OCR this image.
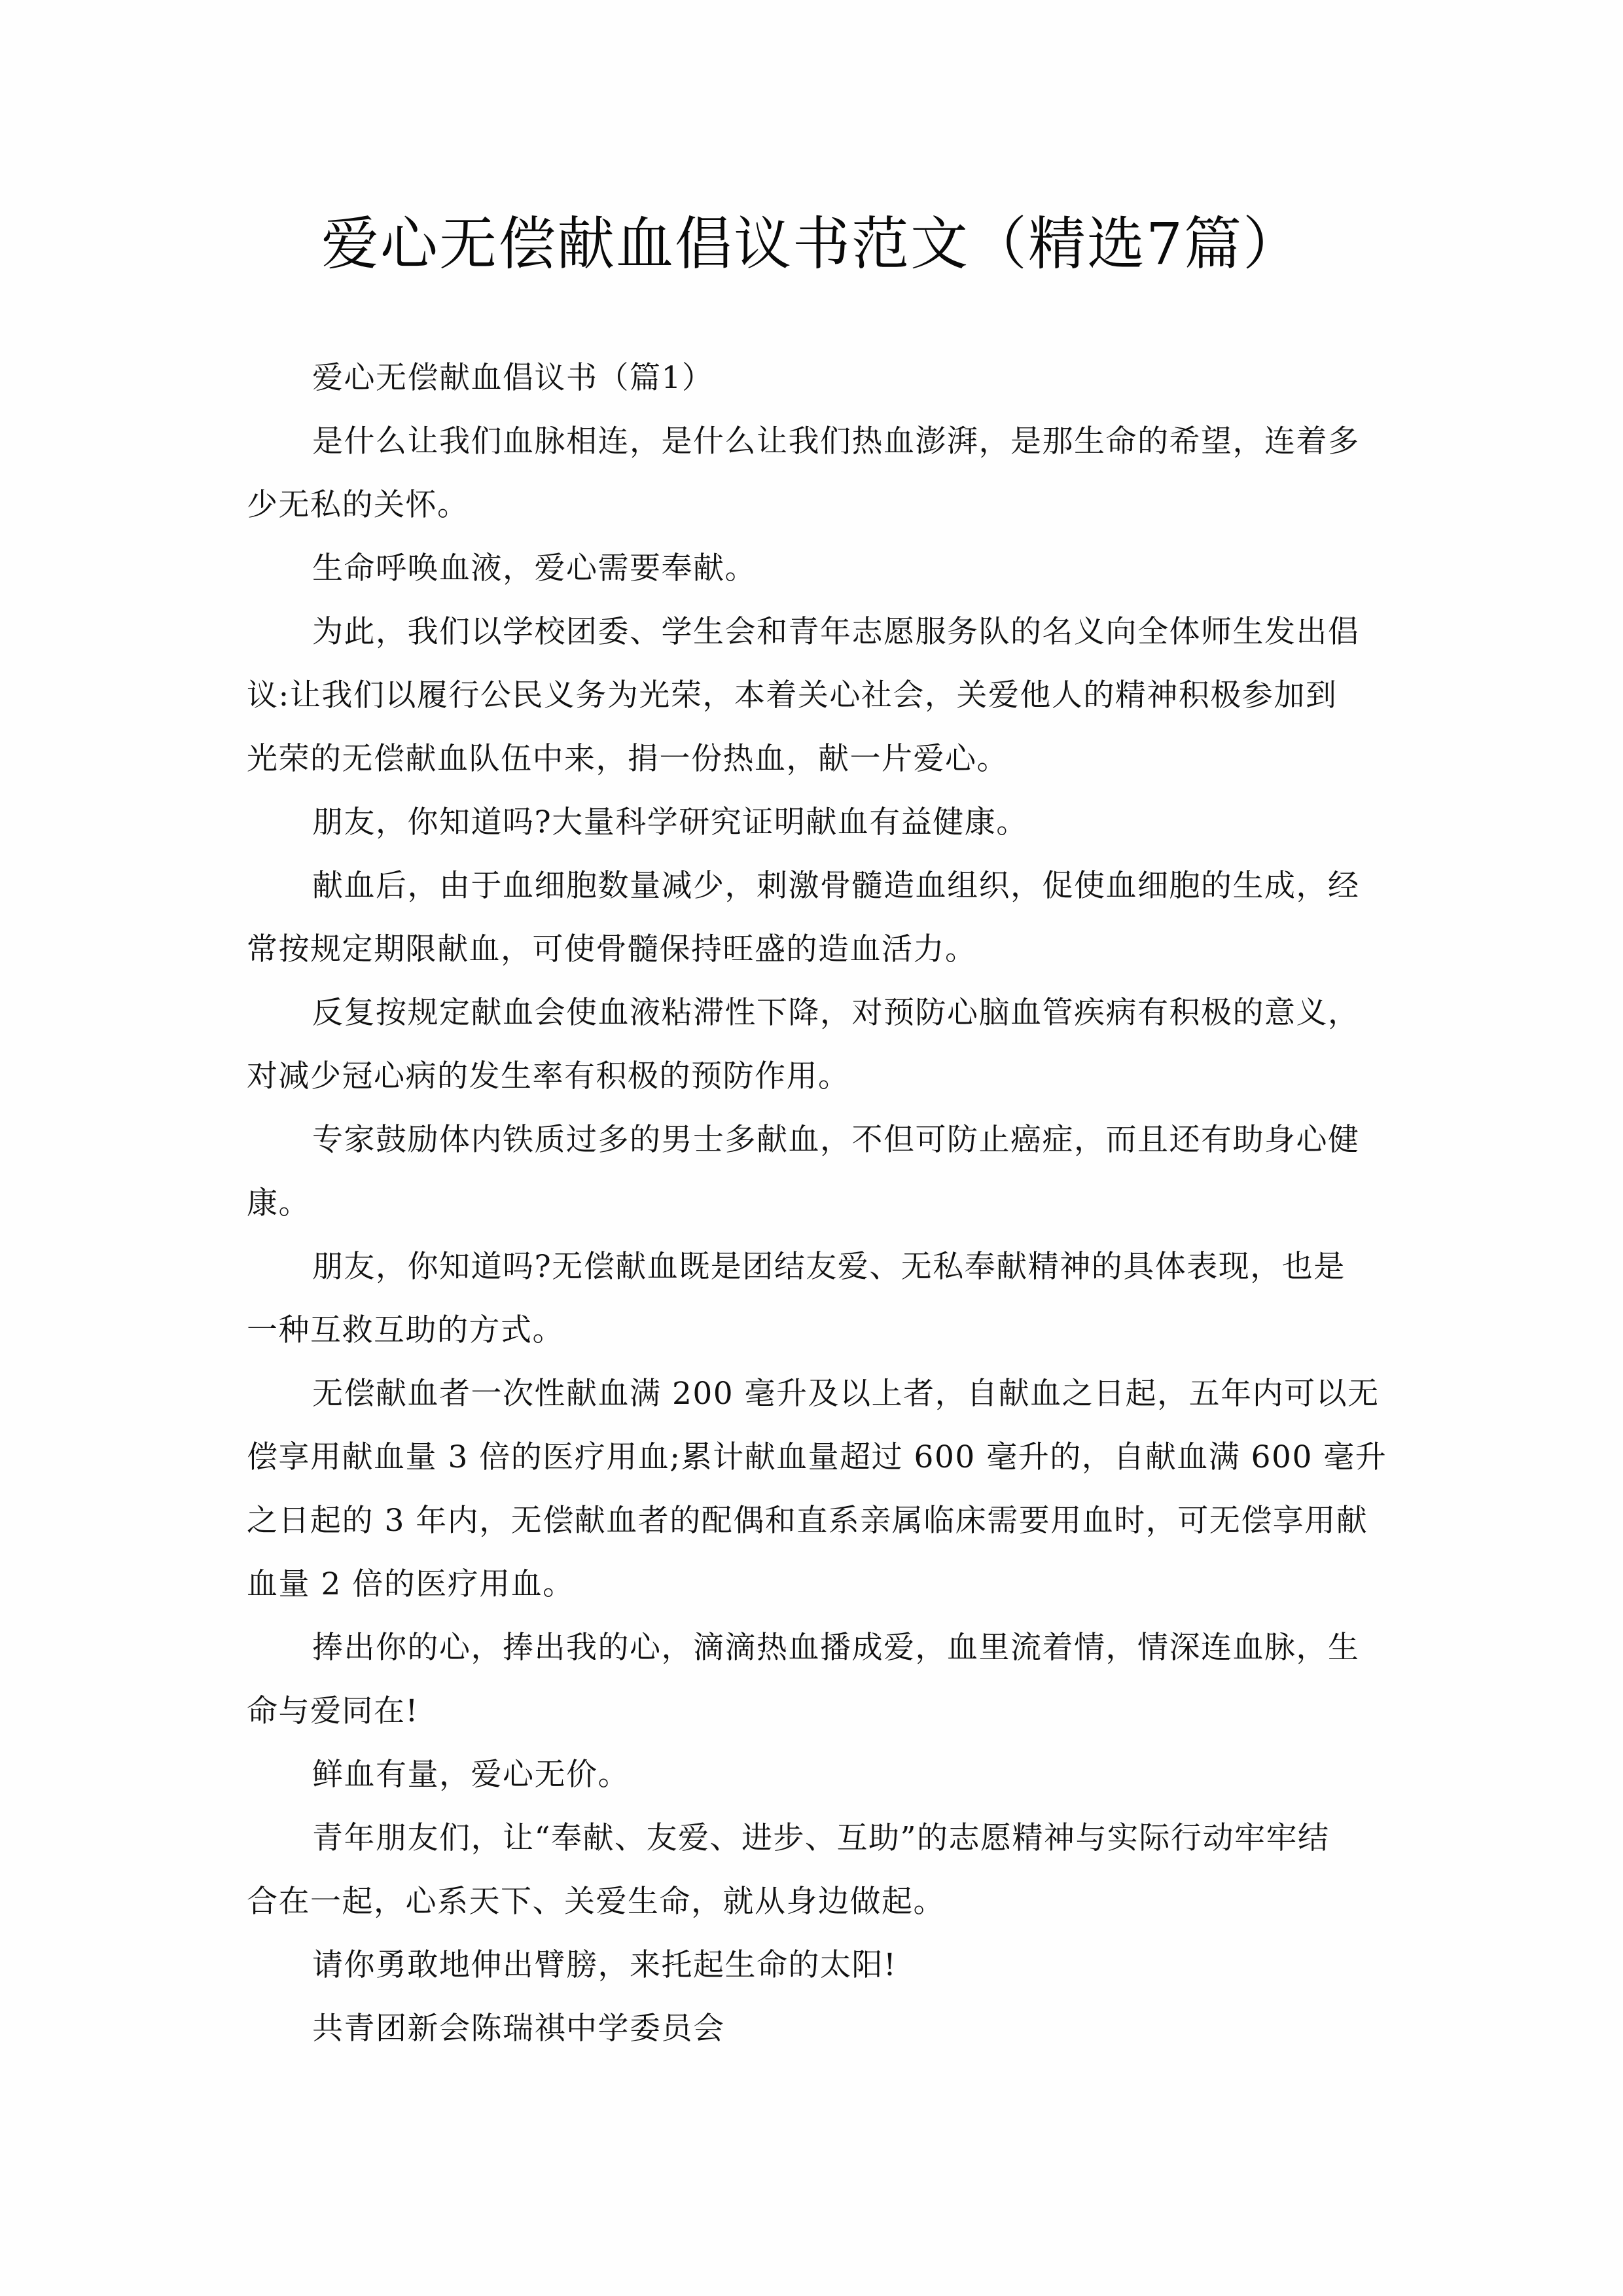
爱心无偿献血倡议书范文（精选7篇）
爱心无偿献血倡议书（篇1）
是什么让我们血脉相连，是什么让我们热血澎湃，是那生命的希望，连着多
少无私的关怀。
生命呼唤血液，爱心需要奉献。
为此，我们以学校团委、学生会和青年志愿服务队的名义向全体师生发出倡
议:让我们以履行公民义务为光荣，本着关心社会，关爱他人的精神积极参加到
光荣的无偿献血队伍中来，捐一份热血，献一片爱心。
朋友，你知道吗?大量科学研究证明献血有益健康。
献血后，由于血细胞数量减少，刺激骨髓造血组织，促使血细胞的生成，经
常按规定期限献血，可使骨髓保持旺盛的造血活力。
反复按规定献血会使血液粘滞性下降，对预防心脑血管疾病有积极的意义，
对减少冠心病的发生率有积极的预防作用。
专家鼓励体内铁质过多的男士多献血，不但可防止癌症，而且还有助身心健
康。
朋友，你知道吗?无偿献血既是团结友爱、无私奉献精神的具体表现，也是
一种互救互助的方式。
无偿献血者一次性献血满 200 毫升及以上者，自献血之日起，五年内可以无
偿享用献血量 3 倍的医疗用血;累计献血量超过 600 毫升的，自献血满 600 毫升
之日起的 3 年内，无偿献血者的配偶和直系亲属临床需要用血时，可无偿享用献
血量 2 倍的医疗用血。
捧出你的心，捧出我的心，滴滴热血播成爱，血里流着情，情深连血脉，生
命与爱同在!
鲜血有量，爱心无价。
青年朋友们，让“奉献、友爱、进步、互助”的志愿精神与实际行动牢牢结
合在一起，心系天下、关爱生命，就从身边做起。
请你勇敢地伸出臂膀，来托起生命的太阳!
共青团新会陈瑞祺中学委员会
